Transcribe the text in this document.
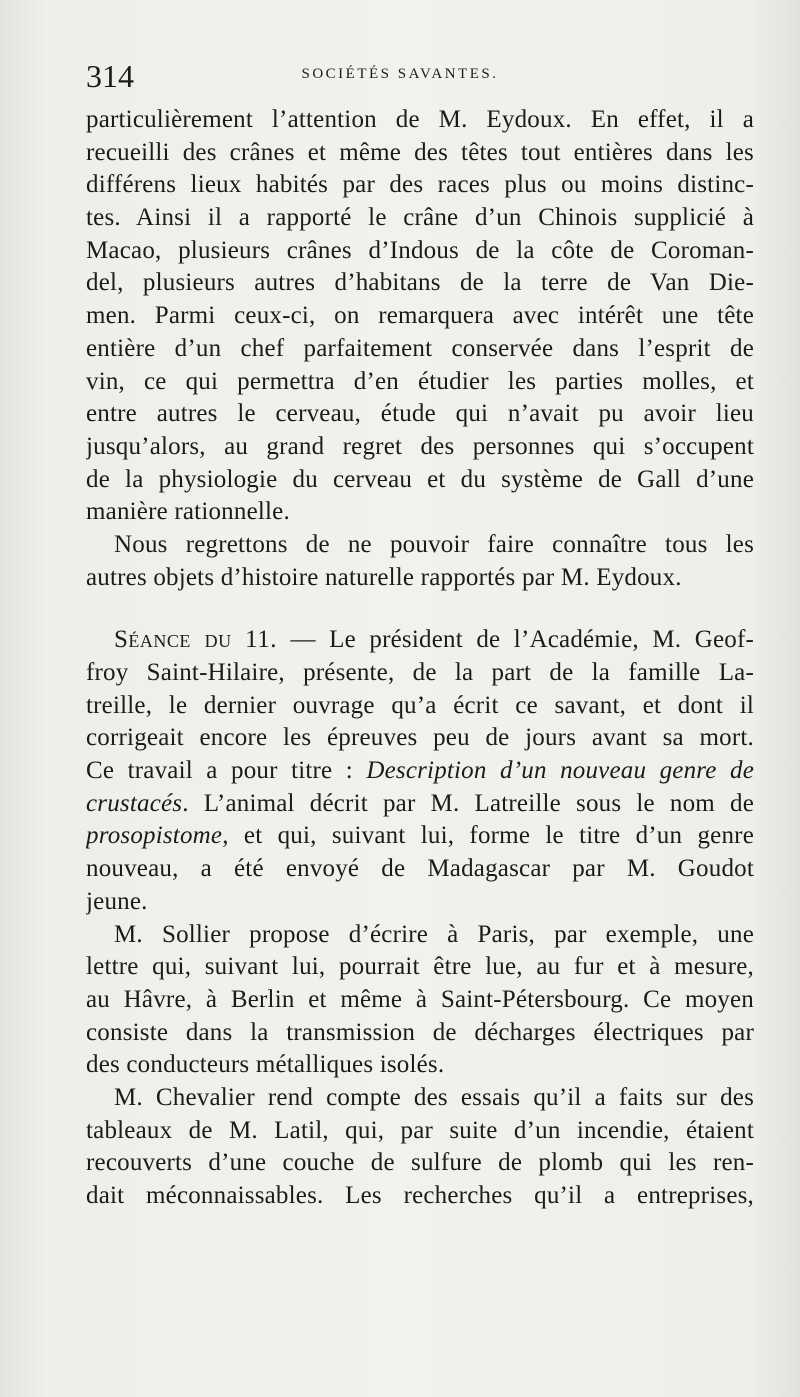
314	SOCIÉTÉS SAVANTES.
particulièrement l’attention de M. Eydoux. En effet, il a
recueilli des crânes et même des têtes tout entières dans les
différens lieux habités par des races plus ou moins distinc-
tes. Ainsi il a rapporté le crâne d’un Chinois supplicié à
Macao, plusieurs crânes d’Indous de la côte de Coroman-
del, plusieurs autres d’habitans de la terre de Van Die-
men. Parmi ceux-ci, on remarquera avec intérêt une tête
entière d’un chef parfaitement conservée dans l’esprit de
vin, ce qui permettra d’en étudier les parties molles, et
entre autres le cerveau, étude qui n’avait pu avoir lieu
jusqu’alors, au grand regret des personnes qui s’occupent
de la physiologie du cerveau et du système de Gall d’une
manière rationnelle.
Nous regrettons de ne pouvoir faire connaître tous les
autres objets d’histoire naturelle rapportés par M. Eydoux.
Séance du 11. — Le président de l’Académie, M. Geof-
froy Saint-Hilaire, présente, de la part de la famille La-
treille, le dernier ouvrage qu’a écrit ce savant, et dont il
corrigeait encore les épreuves peu de jours avant sa mort.
Ce travail a pour titre : Description d’un nouveau genre de
crustacés. L’animal décrit par M. Latreille sous le nom de
prosopistome, et qui, suivant lui, forme le titre d’un genre
nouveau, a été envoyé de Madagascar par M. Goudot
jeune.
M. Sollier propose d’écrire à Paris, par exemple, une
lettre qui, suivant lui, pourrait être lue, au fur et à mesure,
au Hâvre, à Berlin et même à Saint-Pétersbourg. Ce moyen
consiste dans la transmission de décharges électriques par
des conducteurs métalliques isolés.
M. Chevalier rend compte des essais qu’il a faits sur des
tableaux de M. Latil, qui, par suite d’un incendie, étaient
recouverts d’une couche de sulfure de plomb qui les ren-
dait méconnaissables. Les recherches qu’il a entreprises,
